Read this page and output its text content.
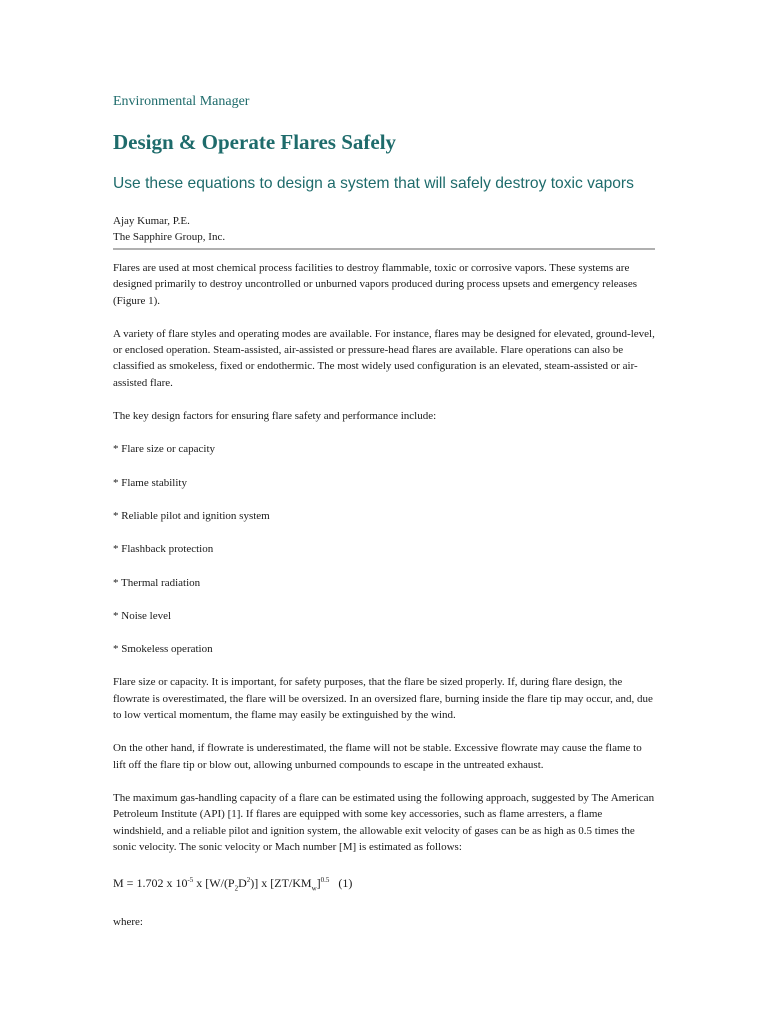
Environmental Manager
Design & Operate Flares Safely
Use these equations to design a system that will safely destroy toxic vapors
Ajay Kumar, P.E.
The Sapphire Group, Inc.

Flares are used at most chemical process facilities to destroy flammable, toxic or corrosive vapors. These systems are designed primarily to destroy uncontrolled or unburned vapors produced during process upsets and emergency releases (Figure 1).

A variety of flare styles and operating modes are available. For instance, flares may be designed for elevated, ground-level, or enclosed operation. Steam-assisted, air-assisted or pressure-head flares are available. Flare operations can also be classified as smokeless, fixed or endothermic. The most widely used configuration is an elevated, steam-assisted or air-assisted flare.

The key design factors for ensuring flare safety and performance include:

* Flare size or capacity
* Flame stability
* Reliable pilot and ignition system
* Flashback protection
* Thermal radiation
* Noise level
* Smokeless operation

Flare size or capacity. It is important, for safety purposes, that the flare be sized properly. If, during flare design, the flowrate is overestimated, the flare will be oversized. In an oversized flare, burning inside the flare tip may occur, and, due to low vertical momentum, the flame may easily be extinguished by the wind.

On the other hand, if flowrate is underestimated, the flame will not be stable. Excessive flowrate may cause the flame to lift off the flare tip or blow out, allowing unburned compounds to escape in the untreated exhaust.

The maximum gas-handling capacity of a flare can be estimated using the following approach, suggested by The American Petroleum Institute (API) [1]. If flares are equipped with some key accessories, such as flame arresters, a flame windshield, and a reliable pilot and ignition system, the allowable exit velocity of gases can be as high as 0.5 times the sonic velocity. The sonic velocity or Mach number [M] is estimated as follows:

M = 1.702 x $10^{-5}$ x $[W/(P_2D^2)]$ x $[ZT/KM_w]^{0.5}$ (1)

where:
